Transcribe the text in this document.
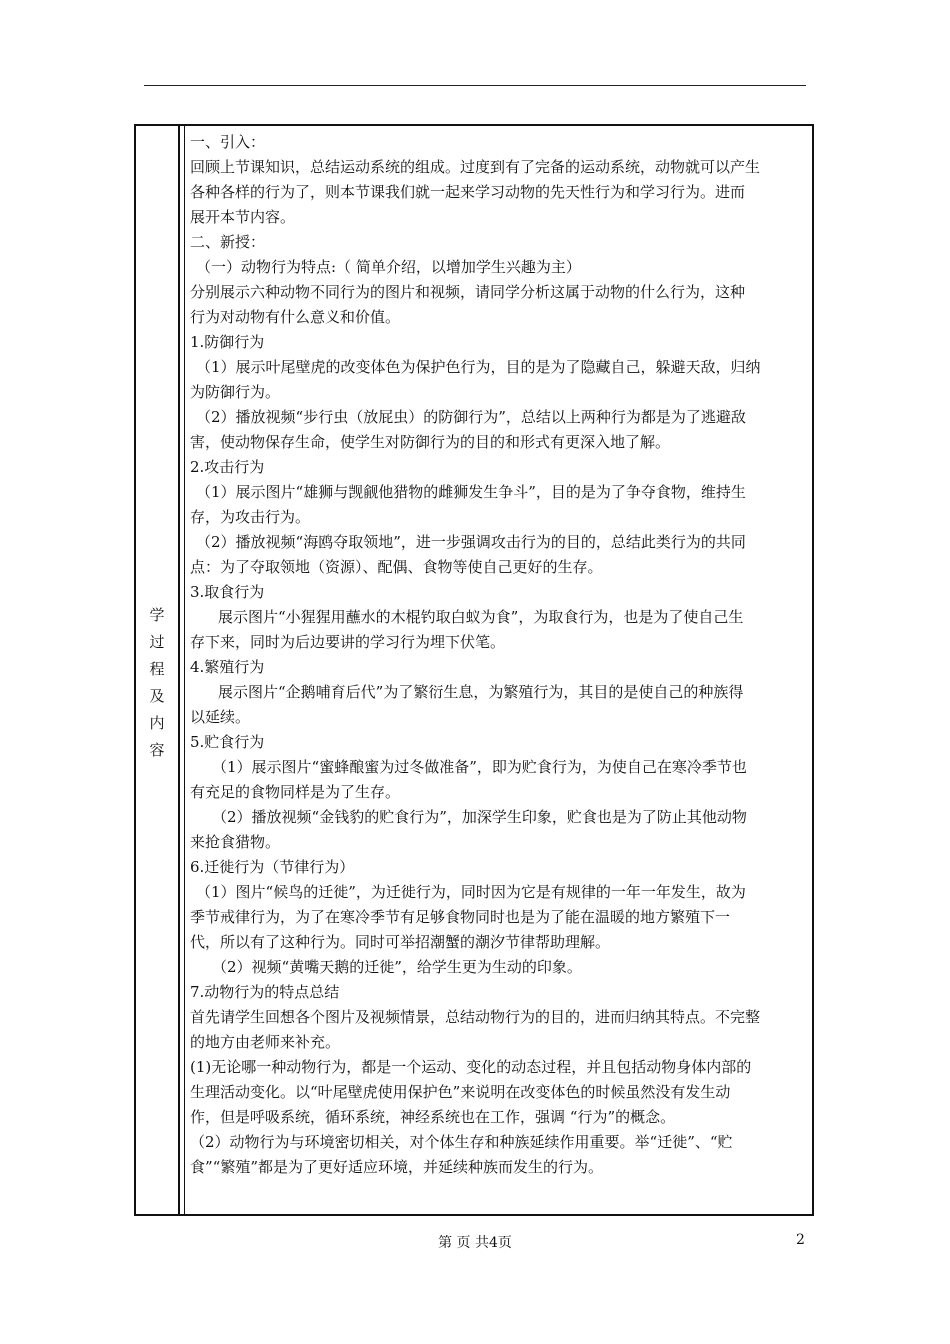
学
过
程
及
内
容
一、引入：
回顾上节课知识，总结运动系统的组成。过度到有了完备的运动系统，动物就可以产生
各种各样的行为了，则本节课我们就一起来学习动物的先天性行为和学习行为。进而
展开本节内容。
二、新授：
（一）动物行为特点:（ 简单介绍，以增加学生兴趣为主）
分别展示六种动物不同行为的图片和视频，请同学分析这属于动物的什么行为，这种
行为对动物有什么意义和价值。
1.防御行为
（1）展示叶尾壁虎的改变体色为保护色行为，目的是为了隐藏自己，躲避天敌，归纳
为防御行为。
（2）播放视频“步行虫（放屁虫）的防御行为”，总结以上两种行为都是为了逃避敌
害，使动物保存生命，使学生对防御行为的目的和形式有更深入地了解。
2.攻击行为
（1）展示图片“雄狮与觊觎他猎物的雌狮发生争斗”，目的是为了争夺食物，维持生
存，为攻击行为。
（2）播放视频“海鸥夺取领地”，进一步强调攻击行为的目的，总结此类行为的共同
点：为了夺取领地（资源）、配偶、食物等使自己更好的生存。
3.取食行为
展示图片“小猩猩用蘸水的木棍钓取白蚁为食”，为取食行为，也是为了使自己生
存下来，同时为后边要讲的学习行为埋下伏笔。
4.繁殖行为
展示图片“企鹅哺育后代”为了繁衍生息，为繁殖行为，其目的是使自己的种族得
以延续。
5.贮食行为
（1）展示图片“蜜蜂酿蜜为过冬做准备”，即为贮食行为，为使自己在寒冷季节也
有充足的食物同样是为了生存。
（2）播放视频“金钱豹的贮食行为”，加深学生印象，贮食也是为了防止其他动物
来抢食猎物。
6.迁徙行为（节律行为）
（1）图片“候鸟的迁徙”，为迁徙行为，同时因为它是有规律的一年一年发生，故为
季节戒律行为，为了在寒冷季节有足够食物同时也是为了能在温暖的地方繁殖下一
代，所以有了这种行为。同时可举招潮蟹的潮汐节律帮助理解。
（2）视频“黄嘴天鹅的迁徙”，给学生更为生动的印象。
7.动物行为的特点总结
首先请学生回想各个图片及视频情景，总结动物行为的目的，进而归纳其特点。不完整
的地方由老师来补充。
(1)无论哪一种动物行为，都是一个运动、变化的动态过程，并且包括动物身体内部的
生理活动变化。以“叶尾壁虎使用保护色”来说明在改变体色的时候虽然没有发生动
作，但是呼吸系统，循环系统，神经系统也在工作，强调 “行为”的概念。
（2）动物行为与环境密切相关，对个体生存和种族延续作用重要。举“迁徙”、“贮
食”“繁殖”都是为了更好适应环境，并延续种族而发生的行为。
第 页 共4页	2
